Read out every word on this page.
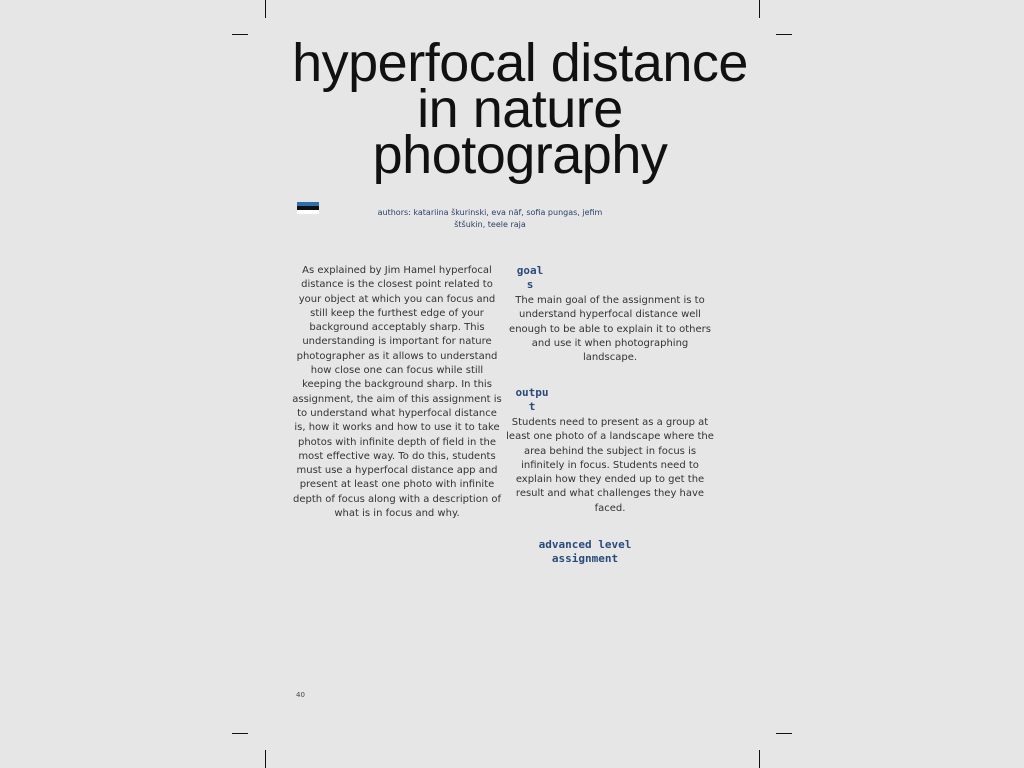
hyperfocal distance
in nature
photography

authors: katariina škurinski, eva näf, sofia pungas, jefim
štšukin, teele raja

As explained by Jim Hamel hyperfocal distance is the closest point related to your object at which you can focus and still keep the furthest edge of your background acceptably sharp. This understanding is important for nature photographer as it allows to understand how close one can focus while still keeping the background sharp. In this assignment, the aim of this assignment is to understand what hyperfocal distance is, how it works and how to use it to take photos with infinite depth of field in the most effective way. To do this, students must use a hyperfocal distance app and present at least one photo with infinite depth of focus along with a description of what is in focus and why.

goal
s

The main goal of the assignment is to understand hyperfocal distance well enough to be able to explain it to others and use it when photographing landscape.

outpu
t

Students need to present as a group at least one photo of a landscape where the area behind the subject in focus is infinitely in focus. Students need to explain how they ended up to get the result and what challenges they have faced.

advanced level
assignment

40
